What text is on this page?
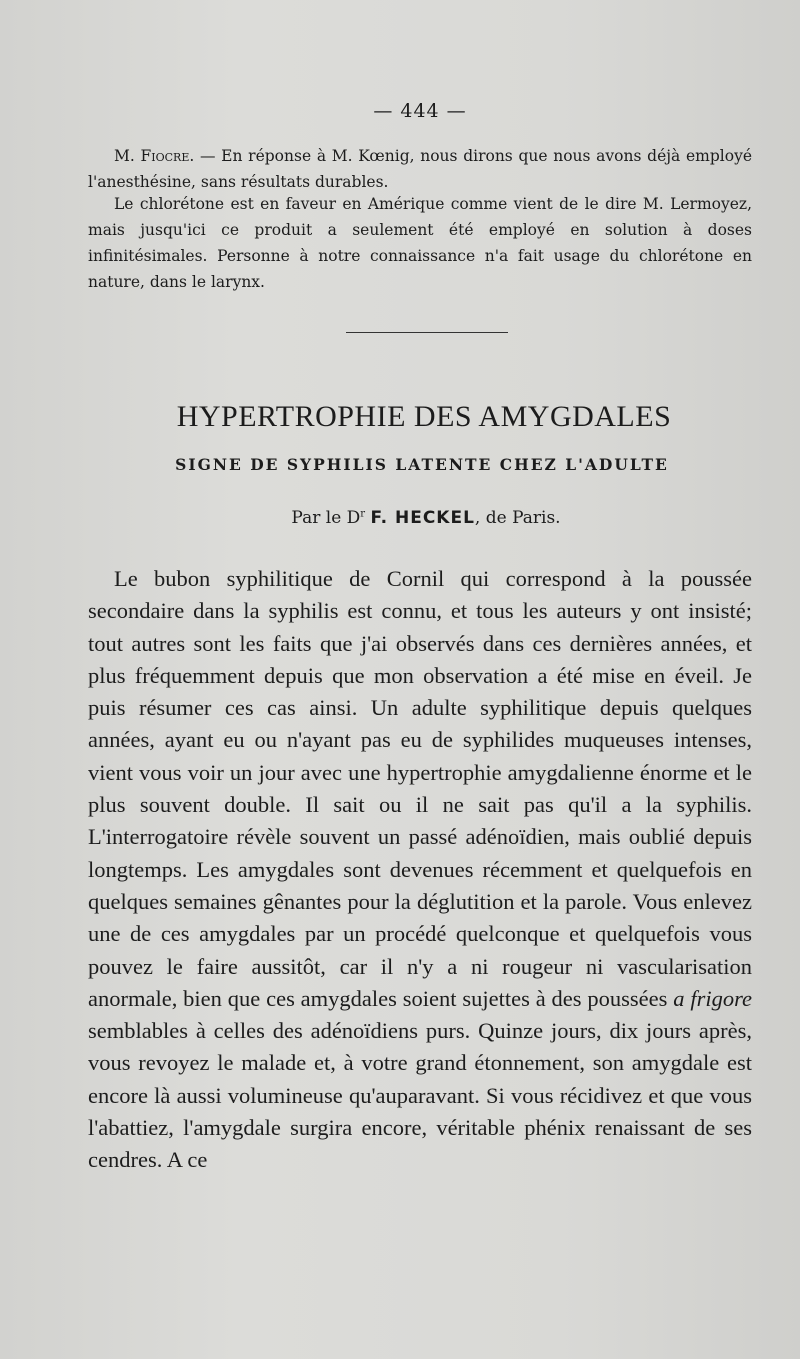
— 444 —

M. Fiocre. — En réponse à M. Kœnig, nous dirons que nous avons déjà employé l'anesthésine, sans résultats durables.

Le chlorétone est en faveur en Amérique comme vient de le dire M. Lermoyez, mais jusqu'ici ce produit a seulement été employé en solution à doses infinitésimales. Personne à notre connaissance n'a fait usage du chlorétone en nature, dans le larynx.

HYPERTROPHIE DES AMYGDALES
SIGNE DE SYPHILIS LATENTE CHEZ L'ADULTE
Par le $D^r$ F. HECKEL, de Paris.

Le bubon syphilitique de Cornil qui correspond à la poussée secondaire dans la syphilis est connu, et tous les auteurs y ont insisté; tout autres sont les faits que j'ai observés dans ces dernières années, et plus fréquemment depuis que mon observation a été mise en éveil. Je puis résumer ces cas ainsi. Un adulte syphilitique depuis quelques années, ayant eu ou n'ayant pas eu de syphilides muqueuses intenses, vient vous voir un jour avec une hypertrophie amygdalienne énorme et le plus souvent double. Il sait ou il ne sait pas qu'il a la syphilis. L'interrogatoire révèle souvent un passé adénoïdien, mais oublié depuis longtemps. Les amygdales sont devenues récemment et quelquefois en quelques semaines gênantes pour la déglutition et la parole. Vous enlevez une de ces amygdales par un procédé quelconque et quelquefois vous pouvez le faire aussitôt, car il n'y a ni rougeur ni vascularisation anormale, bien que ces amygdales soient sujettes à des poussées a frigore semblables à celles des adénoïdiens purs. Quinze jours, dix jours après, vous revoyez le malade et, à votre grand étonnement, son amygdale est encore là aussi volumineuse qu'auparavant. Si vous récidivez et que vous l'abattiez, l'amygdale surgira encore, véritable phénix renaissant de ses cendres. A ce
